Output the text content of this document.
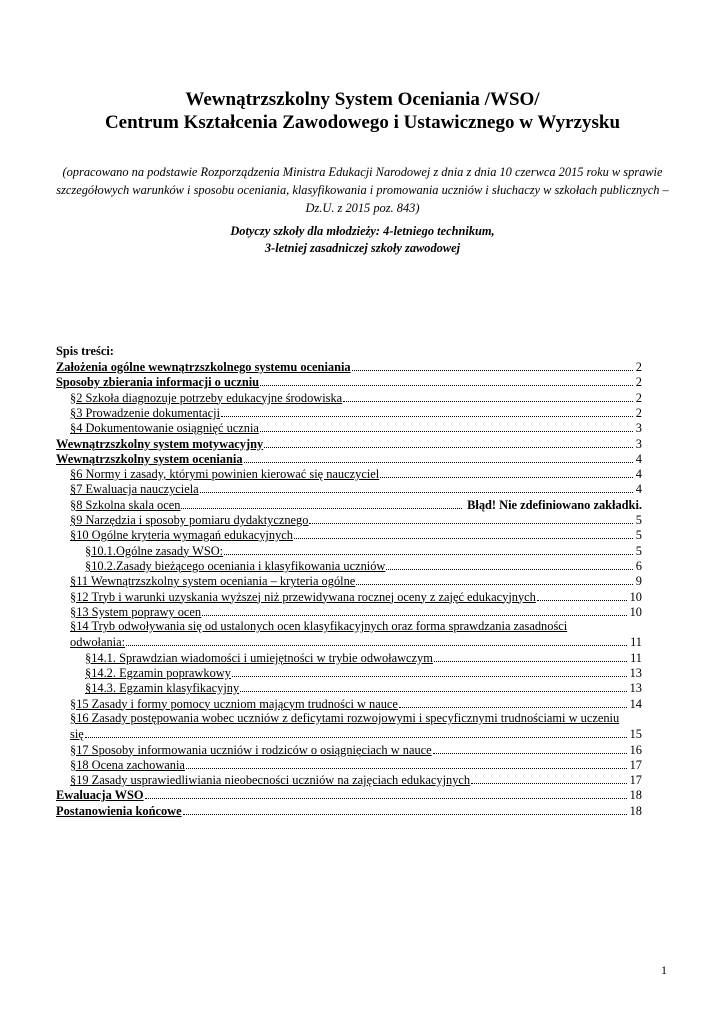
Wewnątrzszkolny System Oceniania /WSO/
Centrum Kształcenia Zawodowego i Ustawicznego w Wyrzysku
(opracowano na podstawie Rozporządzenia Ministra Edukacji Narodowej z dnia z dnia 10 czerwca 2015 roku w sprawie szczegółowych warunków i sposobu oceniania, klasyfikowania i promowania uczniów i słuchaczy w szkołach publicznych – Dz.U. z 2015 poz. 843)
Dotyczy szkoły dla młodzieży: 4-letniego technikum,
3-letniej zasadniczej szkoły zawodowej
Spis treści:
Założenia ogólne wewnątrzszkolnego systemu oceniania	2
Sposoby zbierania informacji o uczniu	2
§2 Szkoła diagnozuje potrzeby edukacyjne środowiska	2
§3 Prowadzenie dokumentacji	2
§4 Dokumentowanie osiągnięć ucznia	3
Wewnątrzszkolny system motywacyjny	3
Wewnątrzszkolny system oceniania	4
§6 Normy i zasady, którymi powinien kierować się nauczyciel	4
§7 Ewaluacja nauczyciela	4
§8 Szkolna skala ocen	Błąd! Nie zdefiniowano zakładki.
§9 Narzędzia i sposoby pomiaru dydaktycznego	5
§10 Ogólne kryteria wymagań edukacyjnych	5
§10.1.Ogólne zasady WSO:	5
§10.2.Zasady bieżącego oceniania i klasyfikowania uczniów	6
§11 Wewnątrzszkolny system oceniania – kryteria ogólne	9
§12 Tryb i warunki uzyskania wyższej niż przewidywana rocznej oceny z zajęć edukacyjnych	10
§13 System poprawy ocen	10
§14 Tryb odwoływania się od ustalonych ocen klasyfikacyjnych oraz forma sprawdzania zasadności
odwołania:	11
§14.1. Sprawdzian wiadomości i umiejętności w trybie odwoławczym	11
§14.2. Egzamin poprawkowy	13
§14.3. Egzamin klasyfikacyjny	13
§15 Zasady i formy pomocy uczniom mającym trudności w nauce	14
§16 Zasady postępowania wobec uczniów z deficytami rozwojowymi i specyficznymi trudnościami w uczeniu
się	15
§17 Sposoby informowania uczniów i rodziców o osiągnięciach w nauce	16
§18 Ocena zachowania	17
§19 Zasady usprawiedliwiania nieobecności uczniów na zajęciach edukacyjnych	17
Ewaluacja WSO	18
Postanowienia końcowe	18
1
